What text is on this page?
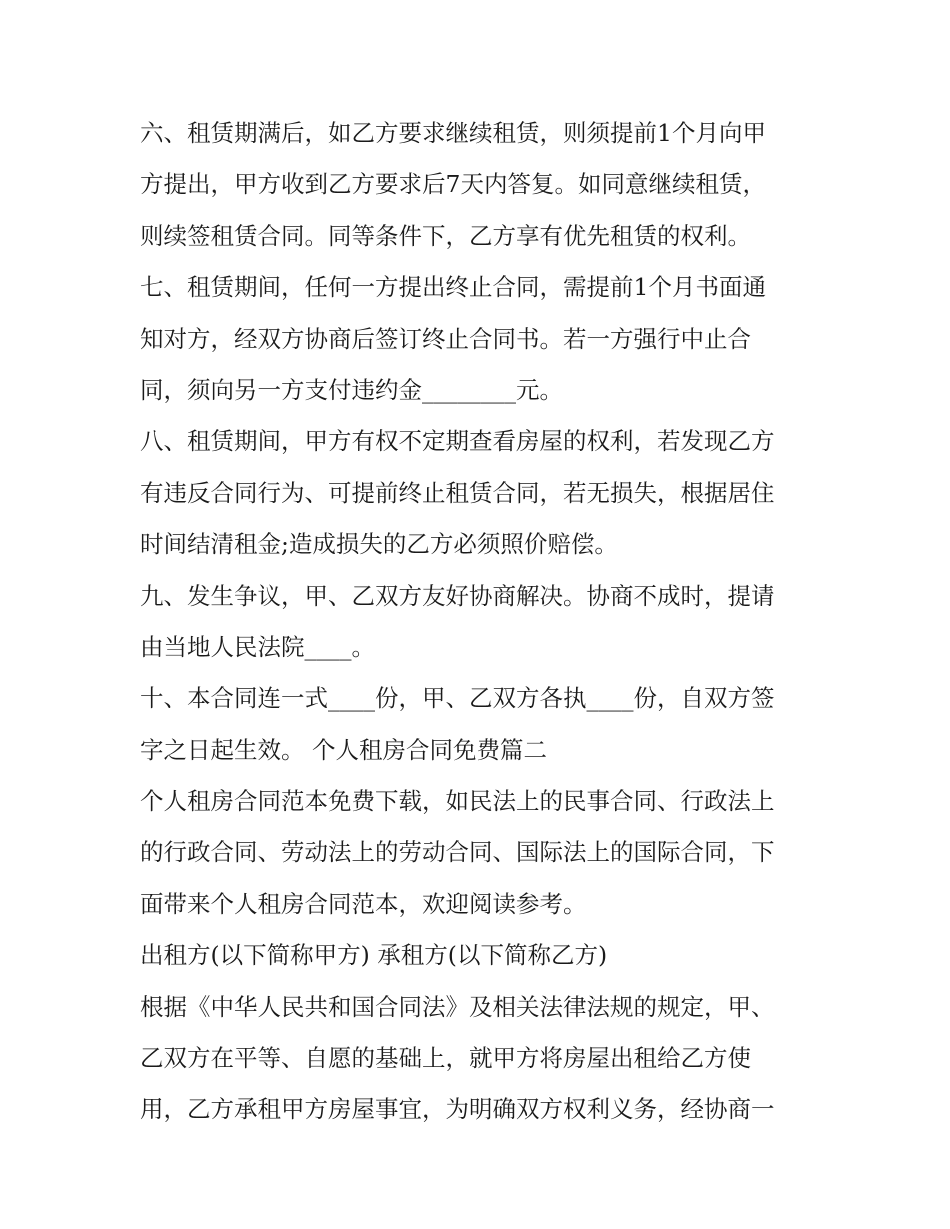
六、租赁期满后，如乙方要求继续租赁，则须提前1个月向甲
方提出，甲方收到乙方要求后7天内答复。如同意继续租赁，
则续签租赁合同。同等条件下，乙方享有优先租赁的权利。
七、租赁期间，任何一方提出终止合同，需提前1个月书面通
知对方，经双方协商后签订终止合同书。若一方强行中止合
同，须向另一方支付违约金________元。
八、租赁期间，甲方有权不定期查看房屋的权利，若发现乙方
有违反合同行为、可提前终止租赁合同，若无损失，根据居住
时间结清租金;造成损失的乙方必须照价赔偿。
九、发生争议，甲、乙双方友好协商解决。协商不成时，提请
由当地人民法院____。
十、本合同连一式____份，甲、乙双方各执____份，自双方签
字之日起生效。 个人租房合同免费篇二
个人租房合同范本免费下载，如民法上的民事合同、行政法上
的行政合同、劳动法上的劳动合同、国际法上的国际合同，下
面带来个人租房合同范本，欢迎阅读参考。
出租方(以下简称甲方) 承租方(以下简称乙方)
根据《中华人民共和国合同法》及相关法律法规的规定，甲、
乙双方在平等、自愿的基础上，就甲方将房屋出租给乙方使
用，乙方承租甲方房屋事宜，为明确双方权利义务，经协商一
